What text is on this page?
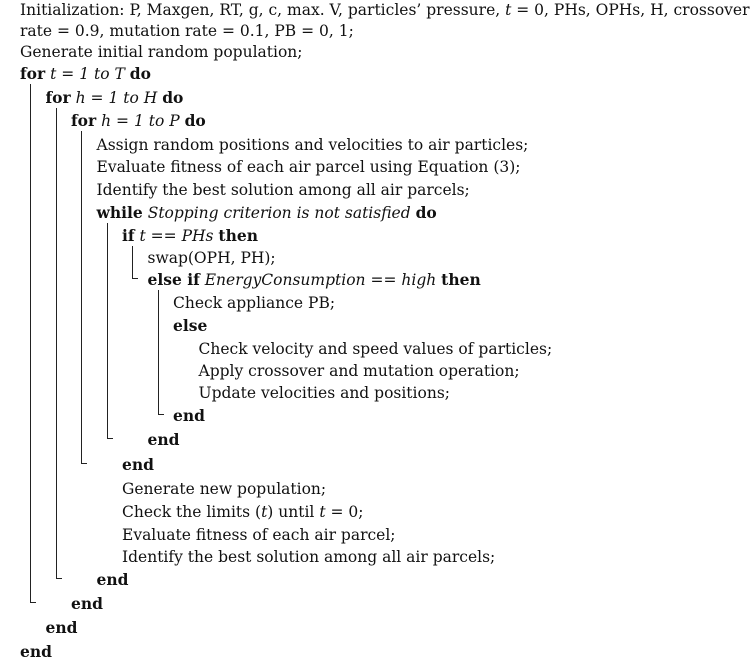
Initialization: P, Maxgen, RT, g, c, max. V, particles’ pressure, t = 0, PHs, OPHs, H, crossover
rate = 0.9, mutation rate = 0.1, PB = 0, 1;
Generate initial random population;
for t = 1 to T do
for h = 1 to H do
for h = 1 to P do
Assign random positions and velocities to air particles;
Evaluate fitness of each air parcel using Equation (3);
Identify the best solution among all air parcels;
while Stopping criterion is not satisfied do
if t == PHs then
swap(OPH, PH);
else if EnergyConsumption == high then
Check appliance PB;
else
Check velocity and speed values of particles;
Apply crossover and mutation operation;
Update velocities and positions;
end
end
end
Generate new population;
Check the limits (t) until t = 0;
Evaluate fitness of each air parcel;
Identify the best solution among all air parcels;
end
end
end
end
